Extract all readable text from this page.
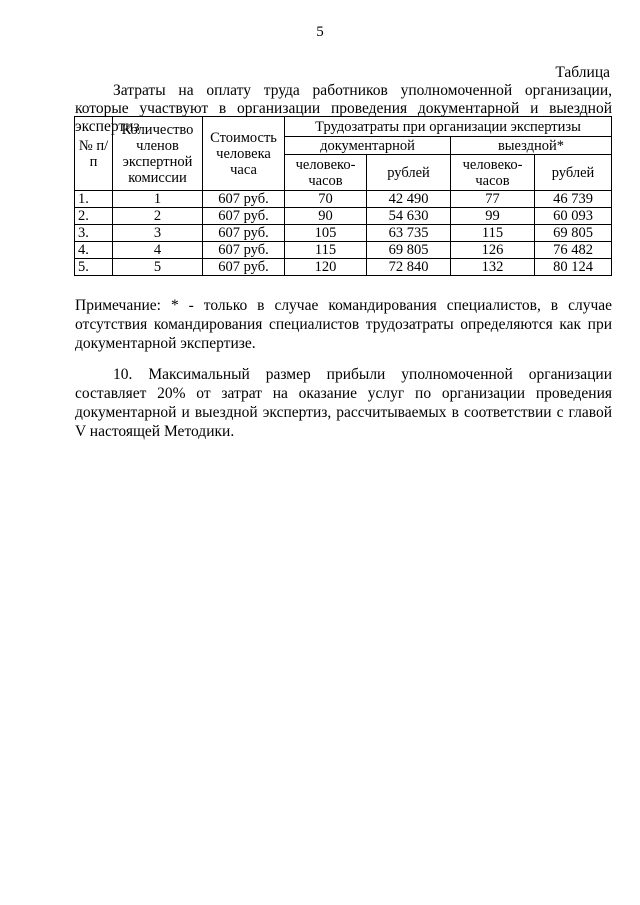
5
Таблица
Затраты на оплату труда работников уполномоченной организации, которые участвуют в организации проведения документарной и выездной экспертиз
№ п/п	Количество членов экспертной комиссии	Стоимость человека часа	Трудозатраты при организации экспертизы			
			документарной		выездной*	
			человеко-часов	рублей	человеко-часов	рублей
1.	1	607 руб.	70	42 490	77	46 739
2.	2	607 руб.	90	54 630	99	60 093
3.	3	607 руб.	105	63 735	115	69 805
4.	4	607 руб.	115	69 805	126	76 482
5.	5	607 руб.	120	72 840	132	80 124
Примечание: * - только в случае командирования специалистов, в случае отсутствия командирования специалистов трудозатраты определяются как при документарной экспертизе.
10. Максимальный размер прибыли уполномоченной организации составляет 20% от затрат на оказание услуг по организации проведения документарной и выездной экспертиз, рассчитываемых в соответствии с главой V настоящей Методики.
